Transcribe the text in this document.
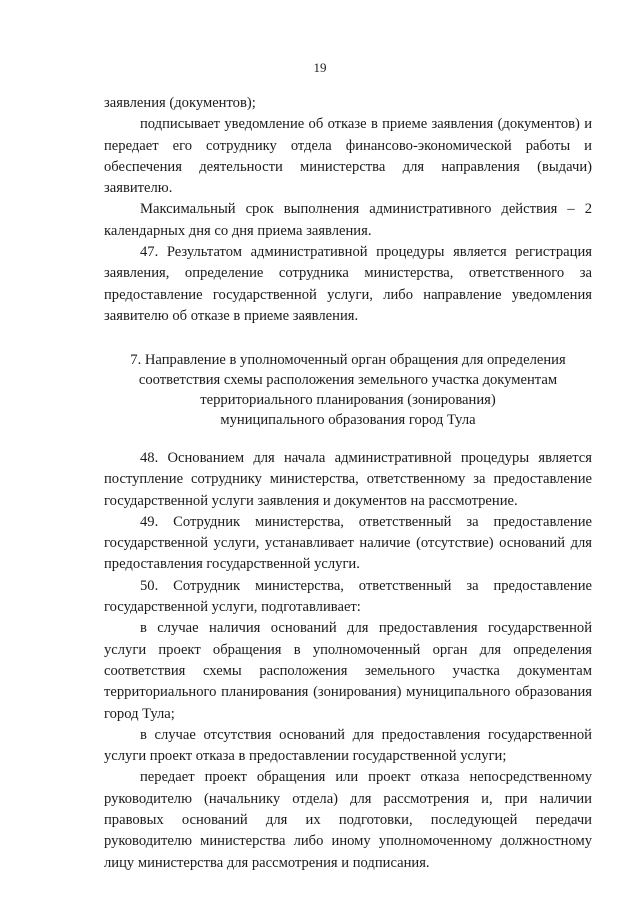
19

заявления (документов);

подписывает уведомление об отказе в приеме заявления (документов) и передает его сотруднику отдела финансово-экономической работы и обеспечения деятельности министерства для направления (выдачи) заявителю.

Максимальный срок выполнения административного действия – 2 календарных дня со дня приема заявления.

47. Результатом административной процедуры является регистрация заявления, определение сотрудника министерства, ответственного за предоставление государственной услуги, либо направление уведомления заявителю об отказе в приеме заявления.

7. Направление в уполномоченный орган обращения для определения
соответствия схемы расположения земельного участка документам
территориального планирования (зонирования)
муниципального образования город Тула

48. Основанием для начала административной процедуры является поступление сотруднику министерства, ответственному за предоставление государственной услуги заявления и документов на рассмотрение.

49. Сотрудник министерства, ответственный за предоставление государственной услуги, устанавливает наличие (отсутствие) оснований для предоставления государственной услуги.

50. Сотрудник министерства, ответственный за предоставление государственной услуги, подготавливает:

в случае наличия оснований для предоставления государственной услуги проект обращения в уполномоченный орган для определения соответствия схемы расположения земельного участка документам территориального планирования (зонирования) муниципального образования город Тула;

в случае отсутствия оснований для предоставления государственной услуги проект отказа в предоставлении государственной услуги;

передает проект обращения или проект отказа непосредственному руководителю (начальнику отдела) для рассмотрения и, при наличии правовых оснований для их подготовки, последующей передачи руководителю министерства либо иному уполномоченному должностному лицу министерства для рассмотрения и подписания.
